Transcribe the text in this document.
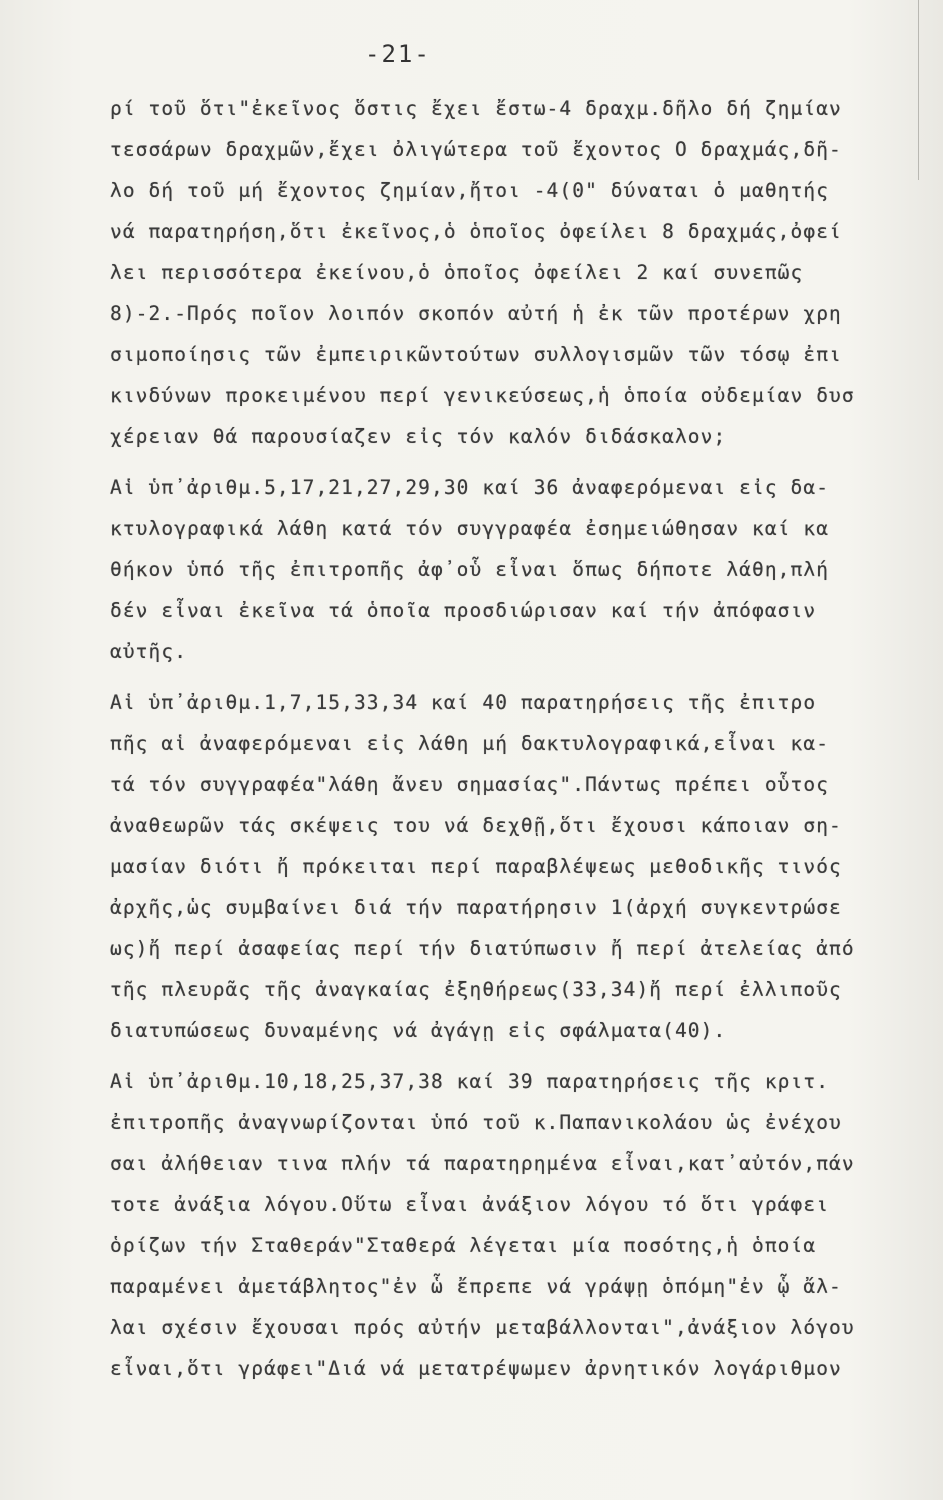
-21-
ρί τοῦ ὅτι"ἐκεῖνος ὅστις ἔχει ἔστω-4 δραχμ.δῆλο δή ζημίαν
τεσσάρων δραχμῶν,ἔχει ὀλιγώτερα τοῦ ἔχοντος Ο δραχμάς,δῆ-
λο δή τοῦ μή ἔχοντος ζημίαν,ἤτοι -4(0" δύναται ὁ μαθητής
νά παρατηρήση,ὅτι ἐκεῖνος,ὁ ὁποῖος ὀφείλει 8 δραχμάς,ὀφεί
λει περισσότερα ἐκείνου,ὁ ὁποῖος ὀφείλει 2 καί συνεπῶς
8)-2.-Πρός ποῖον λοιπόν σκοπόν αὐτή ἡ ἐκ τῶν προτέρων χρη
σιμοποίησις τῶν ἐμπειρικῶντούτων συλλογισμῶν τῶν τόσῳ ἐπι
κινδύνων προκειμένου περί γενικεύσεως,ἡ ὁποία οὐδεμίαν δυσ
χέρειαν θά παρουσίαζεν εἰς τόν καλόν διδάσκαλον;
Αἱ ὑπ᾽ἀριθμ.5,17,21,27,29,30 καί 36 ἀναφερόμεναι εἰς δα-
κτυλογραφικά λάθη κατά τόν συγγραφέα ἐσημειώθησαν καί κα
θήκον ὑπό τῆς ἐπιτροπῆς ἀφ᾽οὗ εἶναι ὅπως δήποτε λάθη,πλή
δέν εἶναι ἐκεῖνα τά ὁποῖα προσδιώρισαν καί τήν ἀπόφασιν
αὐτῆς.
Αἱ ὑπ᾽ἀριθμ.1,7,15,33,34 καί 40 παρατηρήσεις τῆς ἐπιτρο
πῆς αἱ ἀναφερόμεναι εἰς λάθη μή δακτυλογραφικά,εἶναι κα-
τά τόν συγγραφέα"λάθη ἄνευ σημασίας".Πάντως πρέπει οὗτος
ἀναθεωρῶν τάς σκέψεις του νά δεχθῇ,ὅτι ἔχουσι κάποιαν ση-
μασίαν διότι ἤ πρόκειται περί παραβλέψεως μεθοδικῆς τινός
ἀρχῆς,ὡς συμβαίνει διά τήν παρατήρησιν 1(ἀρχή συγκεντρώσε
ως)ἤ περί ἀσαφείας περί τήν διατύπωσιν ἤ περί ἀτελείας ἀπό
τῆς πλευρᾶς τῆς ἀναγκαίας ἐξηθήρεως(33,34)ἤ περί ἐλλιποῦς
διατυπώσεως δυναμένης νά ἀγάγῃ εἰς σφάλματα(40).
Αἱ ὑπ᾽ἀριθμ.10,18,25,37,38 καί 39 παρατηρήσεις τῆς κριτ.
ἐπιτροπῆς ἀναγνωρίζονται ὑπό τοῦ κ.Παπανικολάου ὡς ἐνέχου
σαι ἀλήθειαν τινα πλήν τά παρατηρημένα εἶναι,κατ᾽αὐτόν,πάν
τοτε ἀνάξια λόγου.Οὕτω εἶναι ἀνάξιον λόγου τό ὅτι γράφει
ὁρίζων τήν Σταθεράν"Σταθερά λέγεται μία ποσότης,ἡ ὁποία
παραμένει ἀμετάβλητος"ἐν ὧ ἔπρεπε νά γράψῃ ὁπόμη"ἐν ᾧ ἄλ-
λαι σχέσιν ἔχουσαι πρός αὐτήν μεταβάλλονται",ἀνάξιον λόγου
εἶναι,ὅτι γράφει"Διά νά μετατρέψωμεν ἀρνητικόν λογάριθμον
